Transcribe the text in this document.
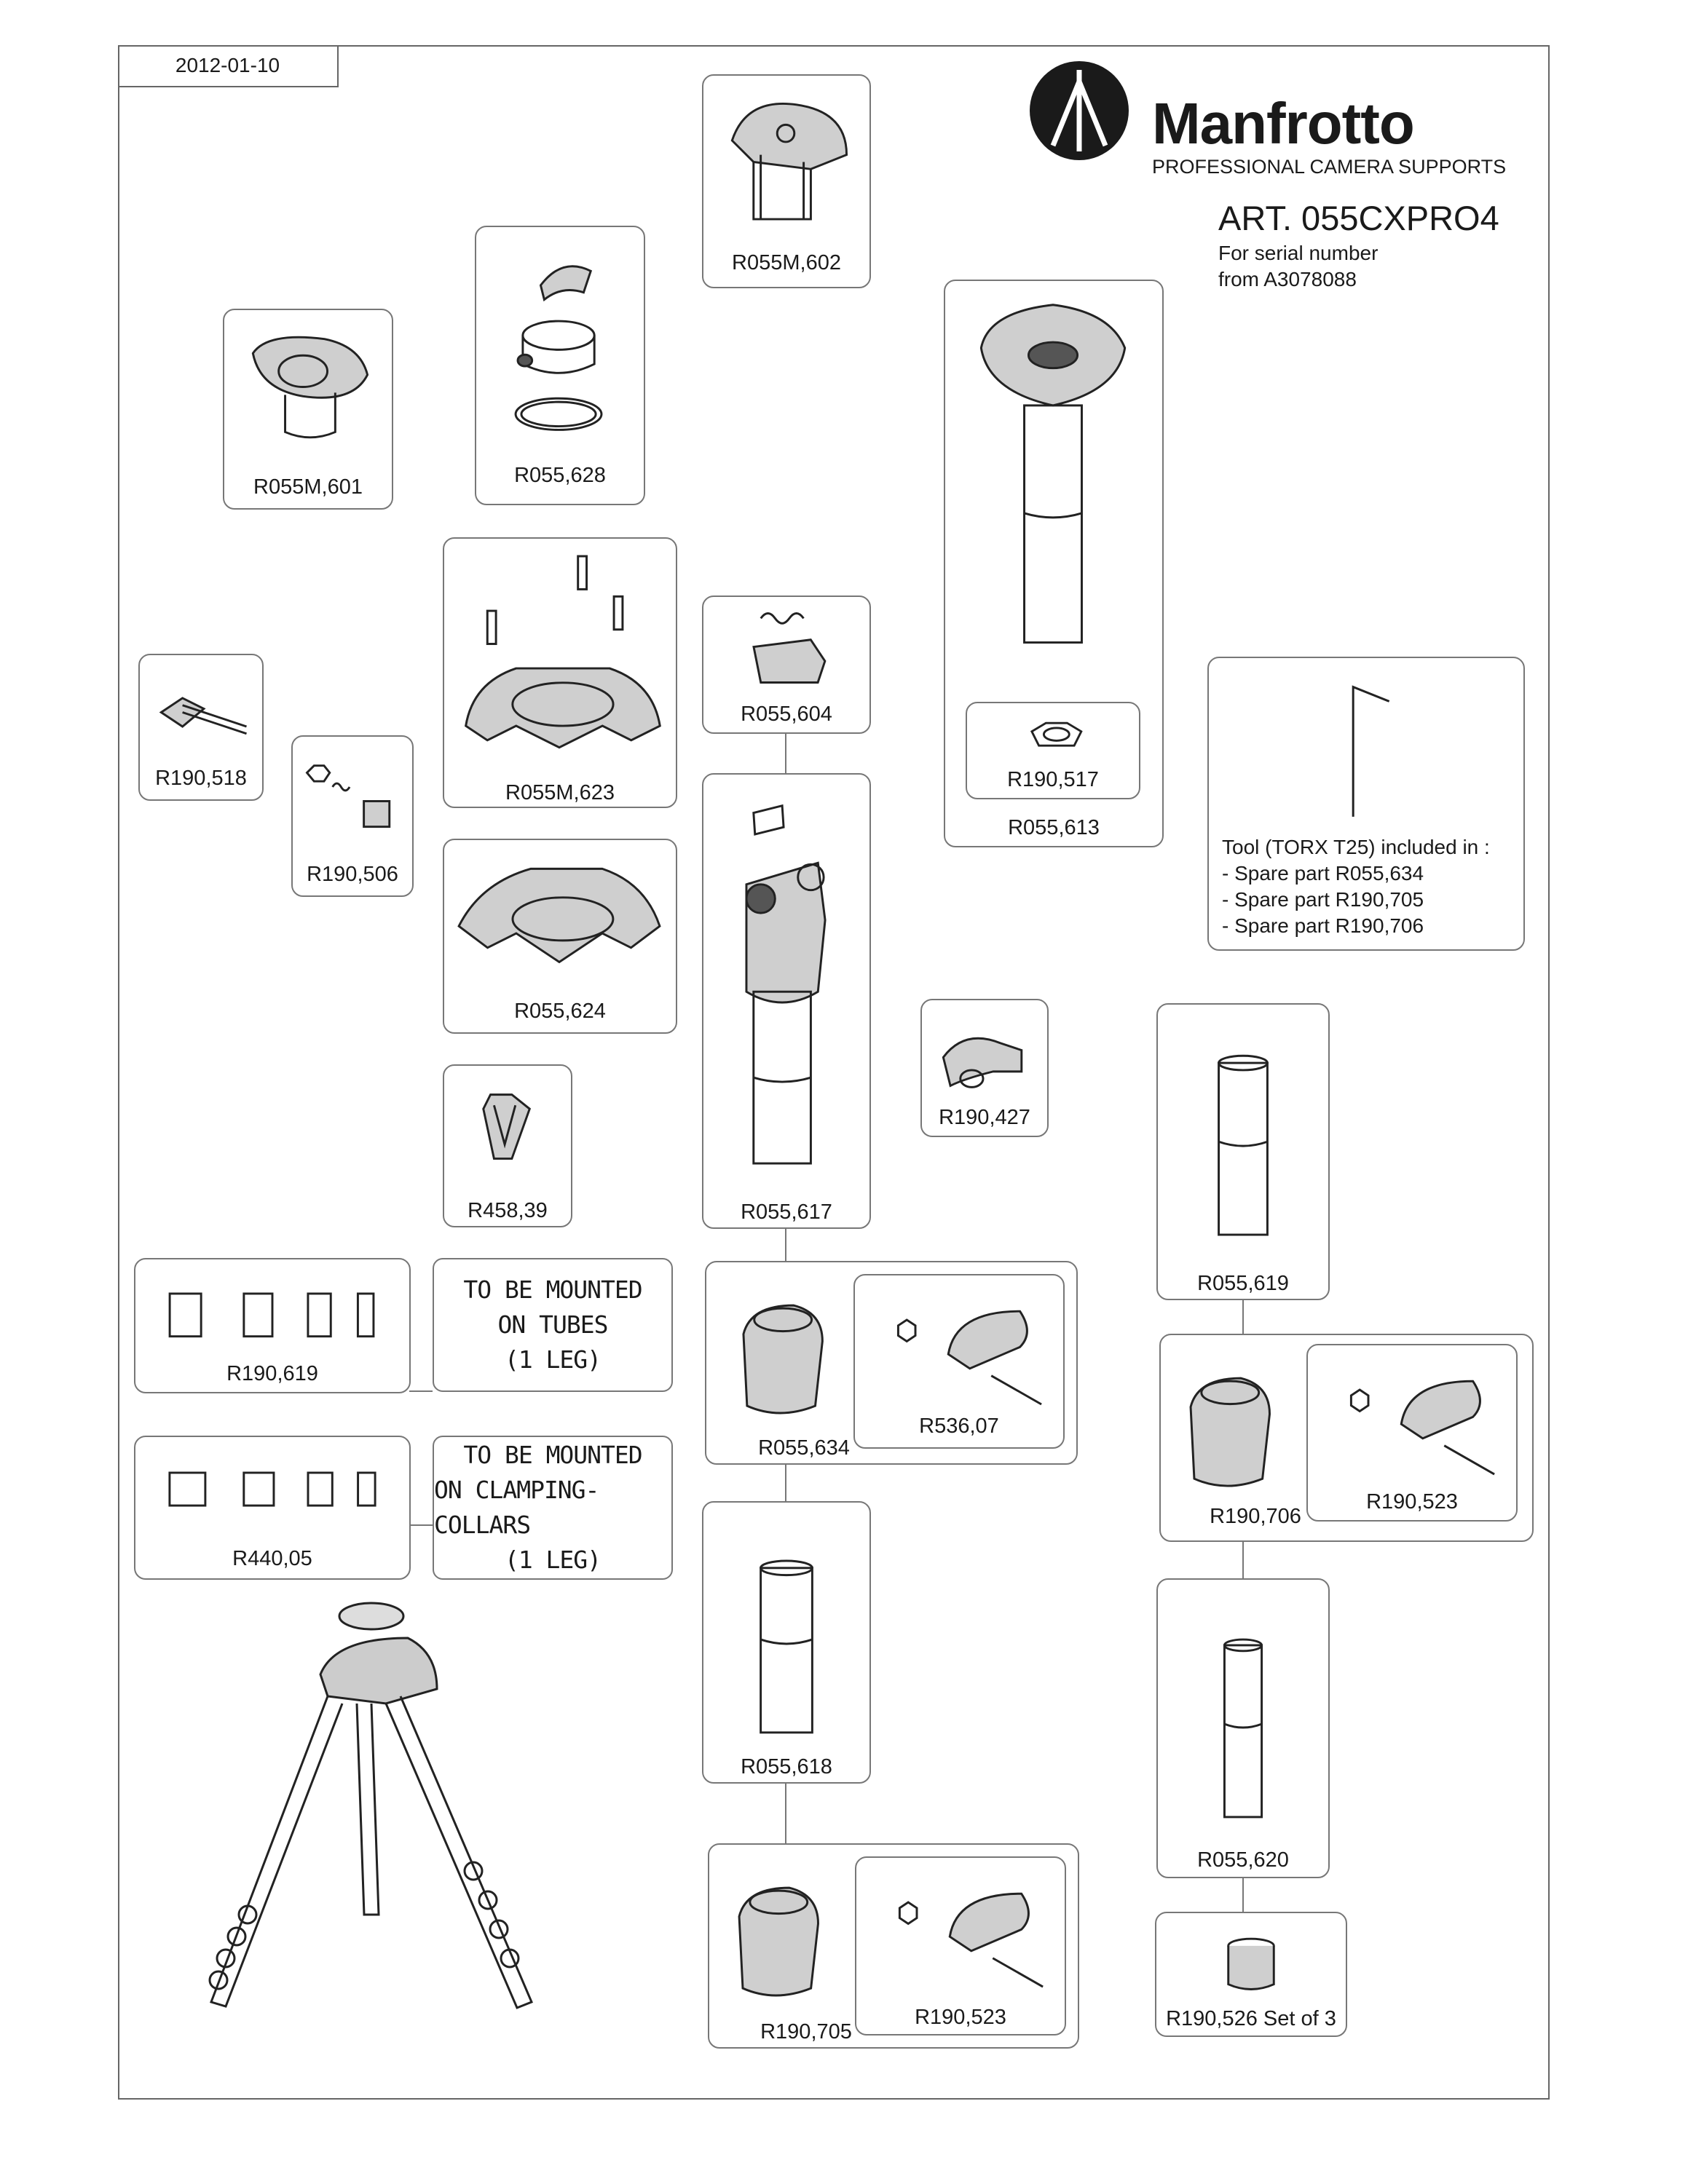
2012-01-10
Manfrotto
PROFESSIONAL CAMERA SUPPORTS
ART. 055CXPRO4
For serial number
from A3078088
R055M,602
R055,628
R055M,601
R055M,623
R190,518
R190,506
R055,624
R458,39
R055,604
R055,617
R055,613
R190,517
Tool (TORX T25) included in :
- Spare part R055,634
- Spare part R190,705
- Spare part R190,706
R190,427
R055,619
R190,619
TO BE MOUNTED
ON TUBES
(1 LEG)
R440,05
TO BE MOUNTED
ON CLAMPING-COLLARS
(1 LEG)
R055,634
R536,07
R190,706
R190,523
R055,618
R190,705
R190,523
R055,620
R190,526 Set of 3
